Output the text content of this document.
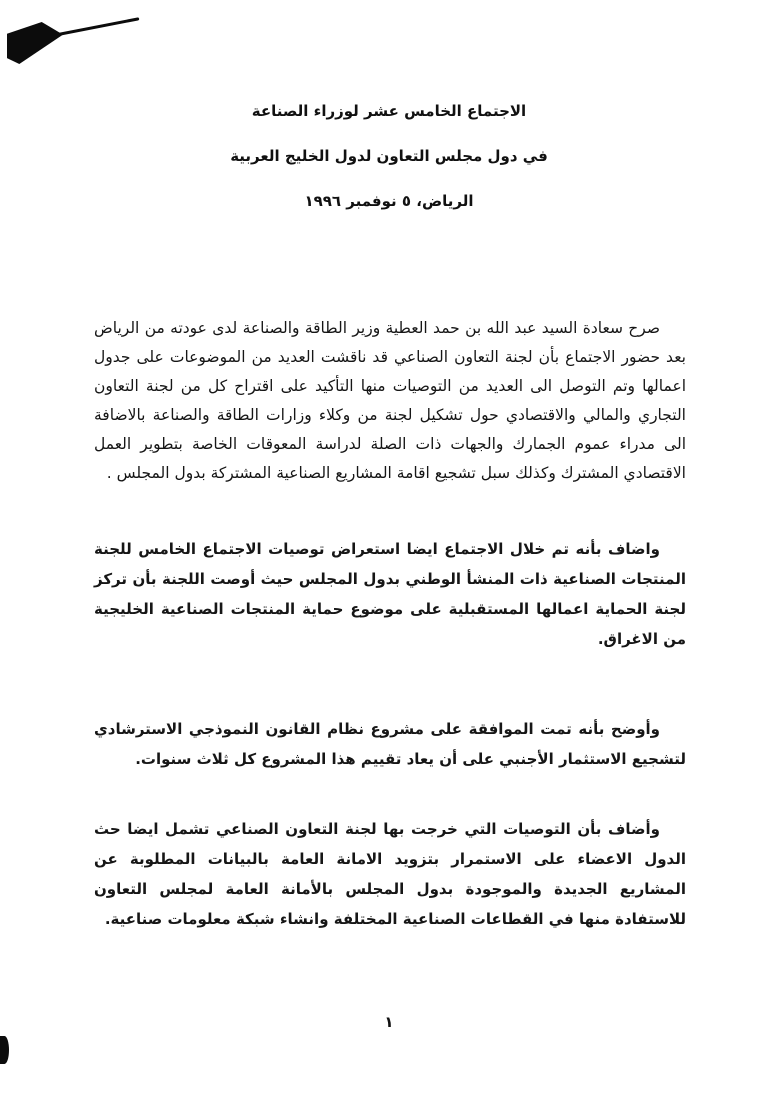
الاجتماع الخامس عشر لوزراء الصناعة
في دول مجلس التعاون لدول الخليج العربية
الرياض، ٥ نوفمبر ١٩٩٦

صرح سعادة السيد عبد الله بن حمد العطية وزير الطاقة والصناعة لدى عودته من الرياض بعد حضور الاجتماع بأن لجنة التعاون الصناعي قد ناقشت العديد من الموضوعات على جدول اعمالها وتم التوصل الى العديد من التوصيات منها التأكيد على اقتراح كل من لجنة التعاون التجاري والمالي والاقتصادي حول تشكيل لجنة من وكلاء وزارات الطاقة والصناعة بالاضافة الى مدراء عموم الجمارك والجهات ذات الصلة لدراسة المعوقات الخاصة بتطوير العمل الاقتصادي المشترك وكذلك سبل تشجيع اقامة المشاريع الصناعية المشتركة بدول المجلس .

واضاف بأنه تم خلال الاجتماع ايضا استعراض توصيات الاجتماع الخامس للجنة المنتجات الصناعية ذات المنشأ الوطني بدول المجلس حيث أوصت اللجنة بأن تركز لجنة الحماية اعمالها المستقبلية على موضوع حماية المنتجات الصناعية الخليجية من الاغراق.

وأوضح بأنه تمت الموافقة على مشروع نظام القانون النموذجي الاسترشادي لتشجيع الاستثمار الأجنبي على أن يعاد تقييم هذا المشروع كل ثلاث سنوات.

وأضاف بأن التوصيات التي خرجت بها لجنة التعاون الصناعي تشمل ايضا حث الدول الاعضاء على الاستمرار بتزويد الامانة العامة بالبيانات المطلوبة عن المشاريع الجديدة والموجودة بدول المجلس بالأمانة العامة لمجلس التعاون للاستفادة منها في القطاعات الصناعية المختلفة وانشاء شبكة معلومات صناعية.

١
